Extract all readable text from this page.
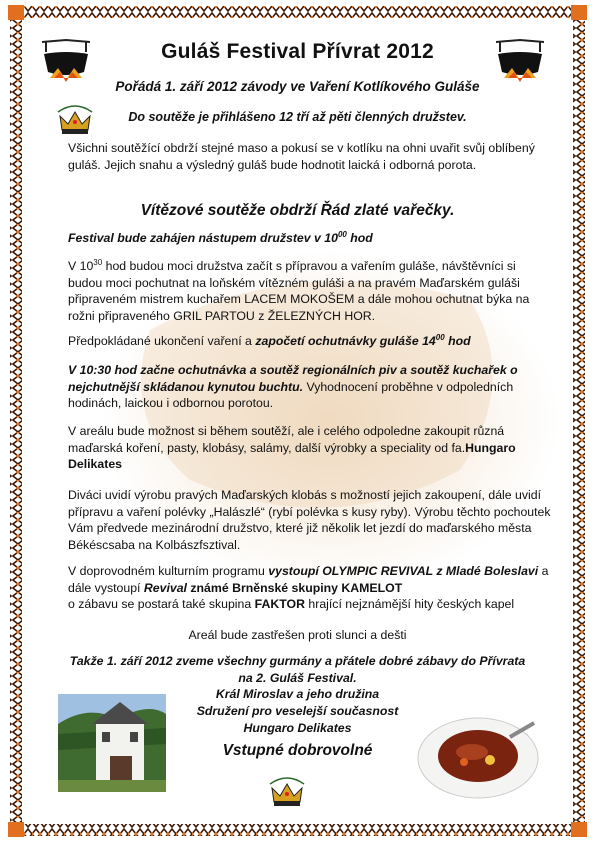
Guláš Festival Přívrat 2012
Pořádá 1. září 2012 závody ve Vaření Kotlíkového Guláše
Do soutěže je přihlášeno 12 tří až pěti členných družstev.
Všichni soutěžící obdrží stejné maso a pokusí se v kotlíku na ohni uvařit svůj oblíbený guláš. Jejich snahu a výsledný guláš bude hodnotit laická i odborná porota.
Vítězové soutěže obdrží Řád zlaté vařečky.
Festival bude zahájen nástupem družstev v $10^{00}$ hod
V $10^{30}$ hod budou moci družstva začít s přípravou a vařením guláše, návštěvníci si budou moci pochutnat na loňském vítězném guláši a na pravém Maďarském guláši připraveném mistrem kuchařem LACEM MOKOŠEM a dále mohou ochutnat býka na rožni připraveného GRIL PARTOU z ŽELEZNÝCH HOR.
Předpokládané ukončení vaření a započetí ochutnávky guláše $14^{00}$ hod
V 10:30 hod začne ochutnávka a soutěž regionálních piv a soutěž kuchařek o nejchutnější skládanou kynutou buchtu. Vyhodnocení proběhne v odpoledních hodinách, laickou i odbornou porotou.
V areálu bude možnost si během soutěží, ale i celého odpoledne zakoupit různá maďarská koření, pasty, klobásy, salámy, další výrobky a speciality od fa.Hungaro Delikates
Diváci uvidí výrobu pravých Maďarských klobás s možností jejich zakoupení, dále uvidí přípravu a vaření polévky „Halászlé“ (rybí polévka s kusy ryby). Výrobu těchto pochoutek Vám předvede mezinárodní družstvo, které již několik let jezdí do maďarského města Békéscsaba na Kolbászfsztival.
V doprovodném kulturním programu vystoupí OLYMPIC REVIVAL z Mladé Boleslavi a dále vystoupí Revival známé Brněnské skupiny KAMELOT
o zábavu se postará také skupina FAKTOR hrající nejznámější hity českých kapel
Areál bude zastřešen proti slunci a dešti
Takže 1. září 2012 zveme všechny gurmány a přátele dobré zábavy do Přívrata
na 2. Guláš Festival.
Král Miroslav a jeho družina
Sdružení pro veselejší současnost
Hungaro Delikates
Vstupné dobrovolné
